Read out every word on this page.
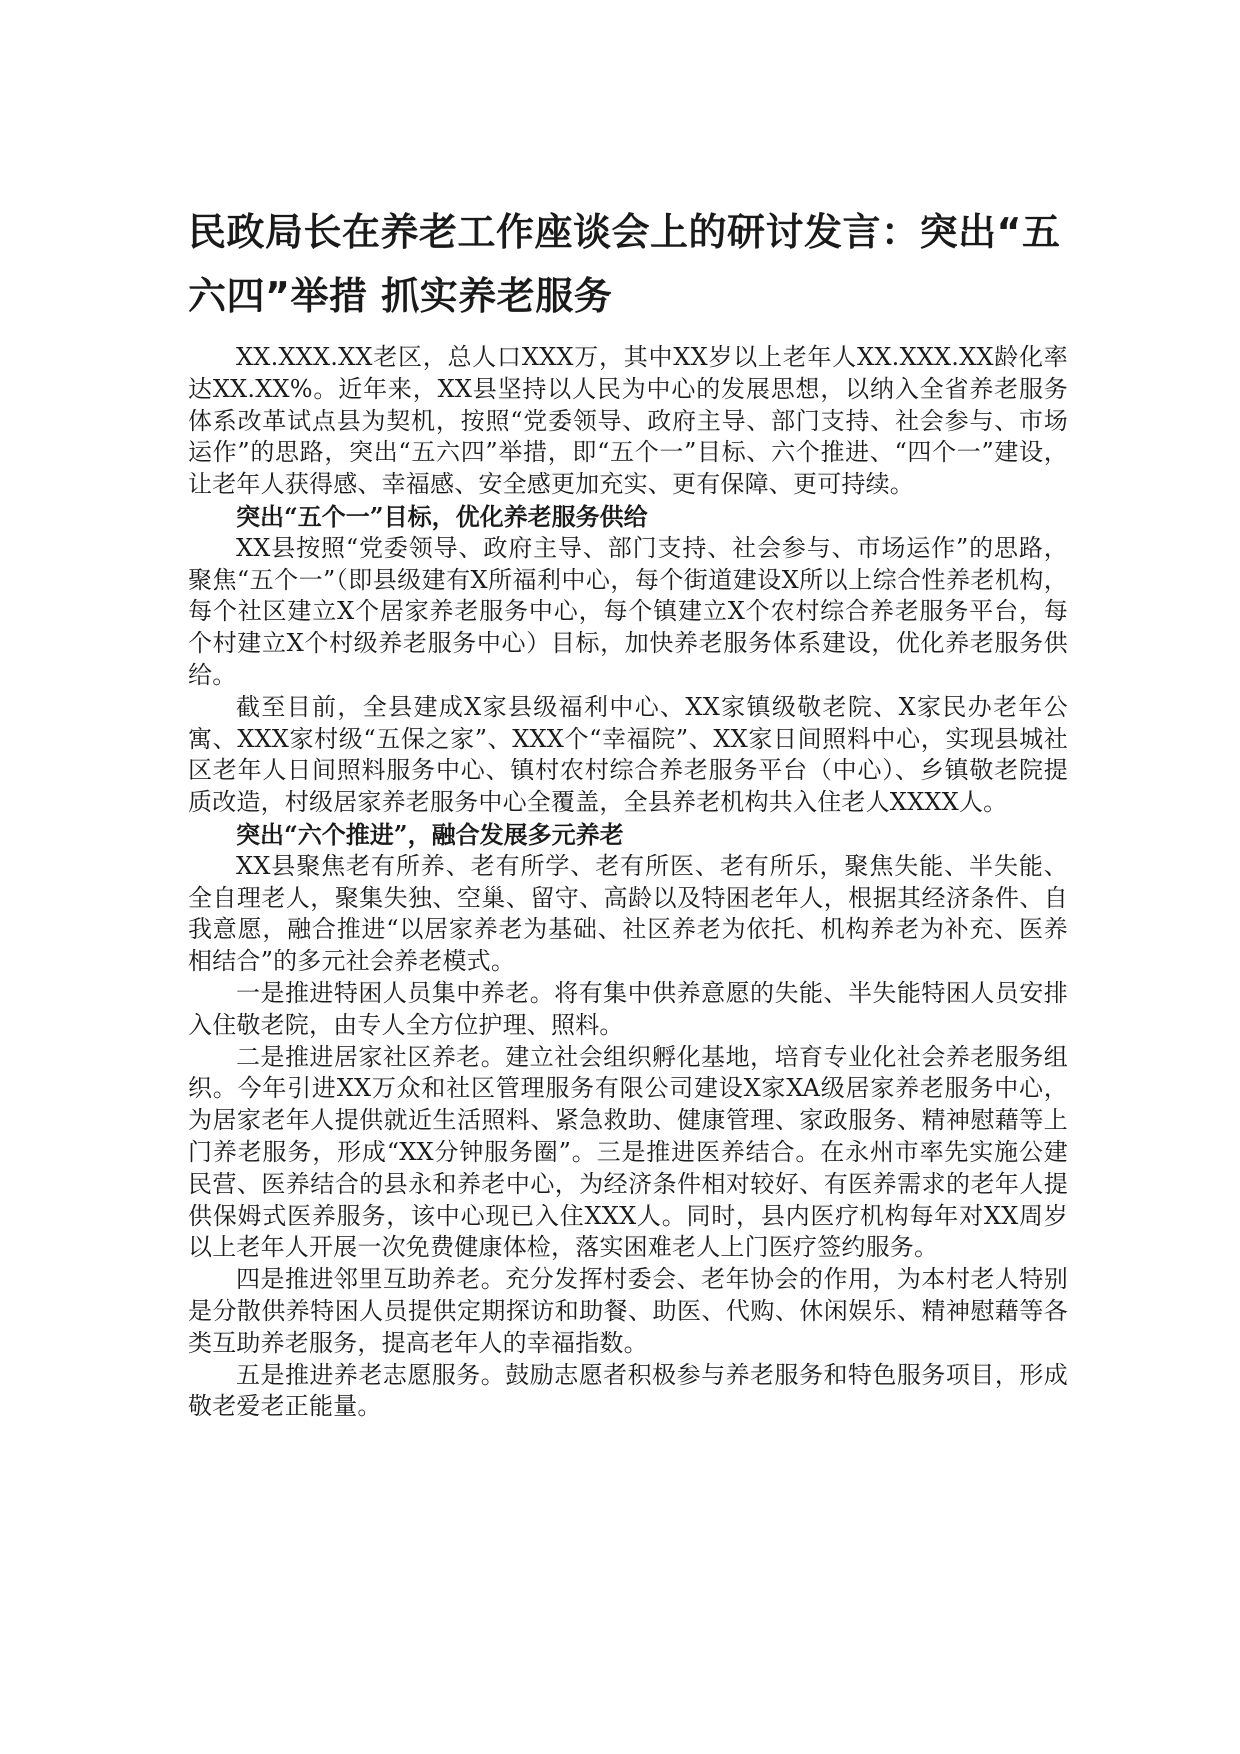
民政局长在养老工作座谈会上的研讨发言：突出“五六四”举措 抓实养老服务

XX.XXX.XX老区，总人口XXX万，其中XX岁以上老年人XX.XXX.XX龄化率达XX.XX%。近年来，XX县坚持以人民为中心的发展思想，以纳入全省养老服务体系改革试点县为契机，按照“党委领导、政府主导、部门支持、社会参与、市场运作”的思路，突出“五六四”举措，即“五个一”目标、六个推进、“四个一”建设，让老年人获得感、幸福感、安全感更加充实、更有保障、更可持续。

突出“五个一”目标，优化养老服务供给

XX县按照“党委领导、政府主导、部门支持、社会参与、市场运作”的思路，聚焦“五个一”（即县级建有X所福利中心，每个街道建设X所以上综合性养老机构，每个社区建立X个居家养老服务中心，每个镇建立X个农村综合养老服务平台，每个村建立X个村级养老服务中心）目标，加快养老服务体系建设，优化养老服务供给。

截至目前，全县建成X家县级福利中心、XX家镇级敬老院、X家民办老年公寓、XXX家村级“五保之家”、XXX个“幸福院”、XX家日间照料中心，实现县城社区老年人日间照料服务中心、镇村农村综合养老服务平台（中心）、乡镇敬老院提质改造，村级居家养老服务中心全覆盖，全县养老机构共入住老人XXXX人。

突出“六个推进”，融合发展多元养老

XX县聚焦老有所养、老有所学、老有所医、老有所乐，聚焦失能、半失能、全自理老人，聚集失独、空巢、留守、高龄以及特困老年人，根据其经济条件、自我意愿，融合推进“以居家养老为基础、社区养老为依托、机构养老为补充、医养相结合”的多元社会养老模式。

一是推进特困人员集中养老。将有集中供养意愿的失能、半失能特困人员安排入住敬老院，由专人全方位护理、照料。

二是推进居家社区养老。建立社会组织孵化基地，培育专业化社会养老服务组织。今年引进XX万众和社区管理服务有限公司建设X家XA级居家养老服务中心，为居家老年人提供就近生活照料、紧急救助、健康管理、家政服务、精神慰藉等上门养老服务，形成“XX分钟服务圈”。三是推进医养结合。在永州市率先实施公建民营、医养结合的县永和养老中心，为经济条件相对较好、有医养需求的老年人提供保姆式医养服务，该中心现已入住XXX人。同时，县内医疗机构每年对XX周岁以上老年人开展一次免费健康体检，落实困难老人上门医疗签约服务。

四是推进邻里互助养老。充分发挥村委会、老年协会的作用，为本村老人特别是分散供养特困人员提供定期探访和助餐、助医、代购、休闲娱乐、精神慰藉等各类互助养老服务，提高老年人的幸福指数。

五是推进养老志愿服务。鼓励志愿者积极参与养老服务和特色服务项目，形成敬老爱老正能量。
